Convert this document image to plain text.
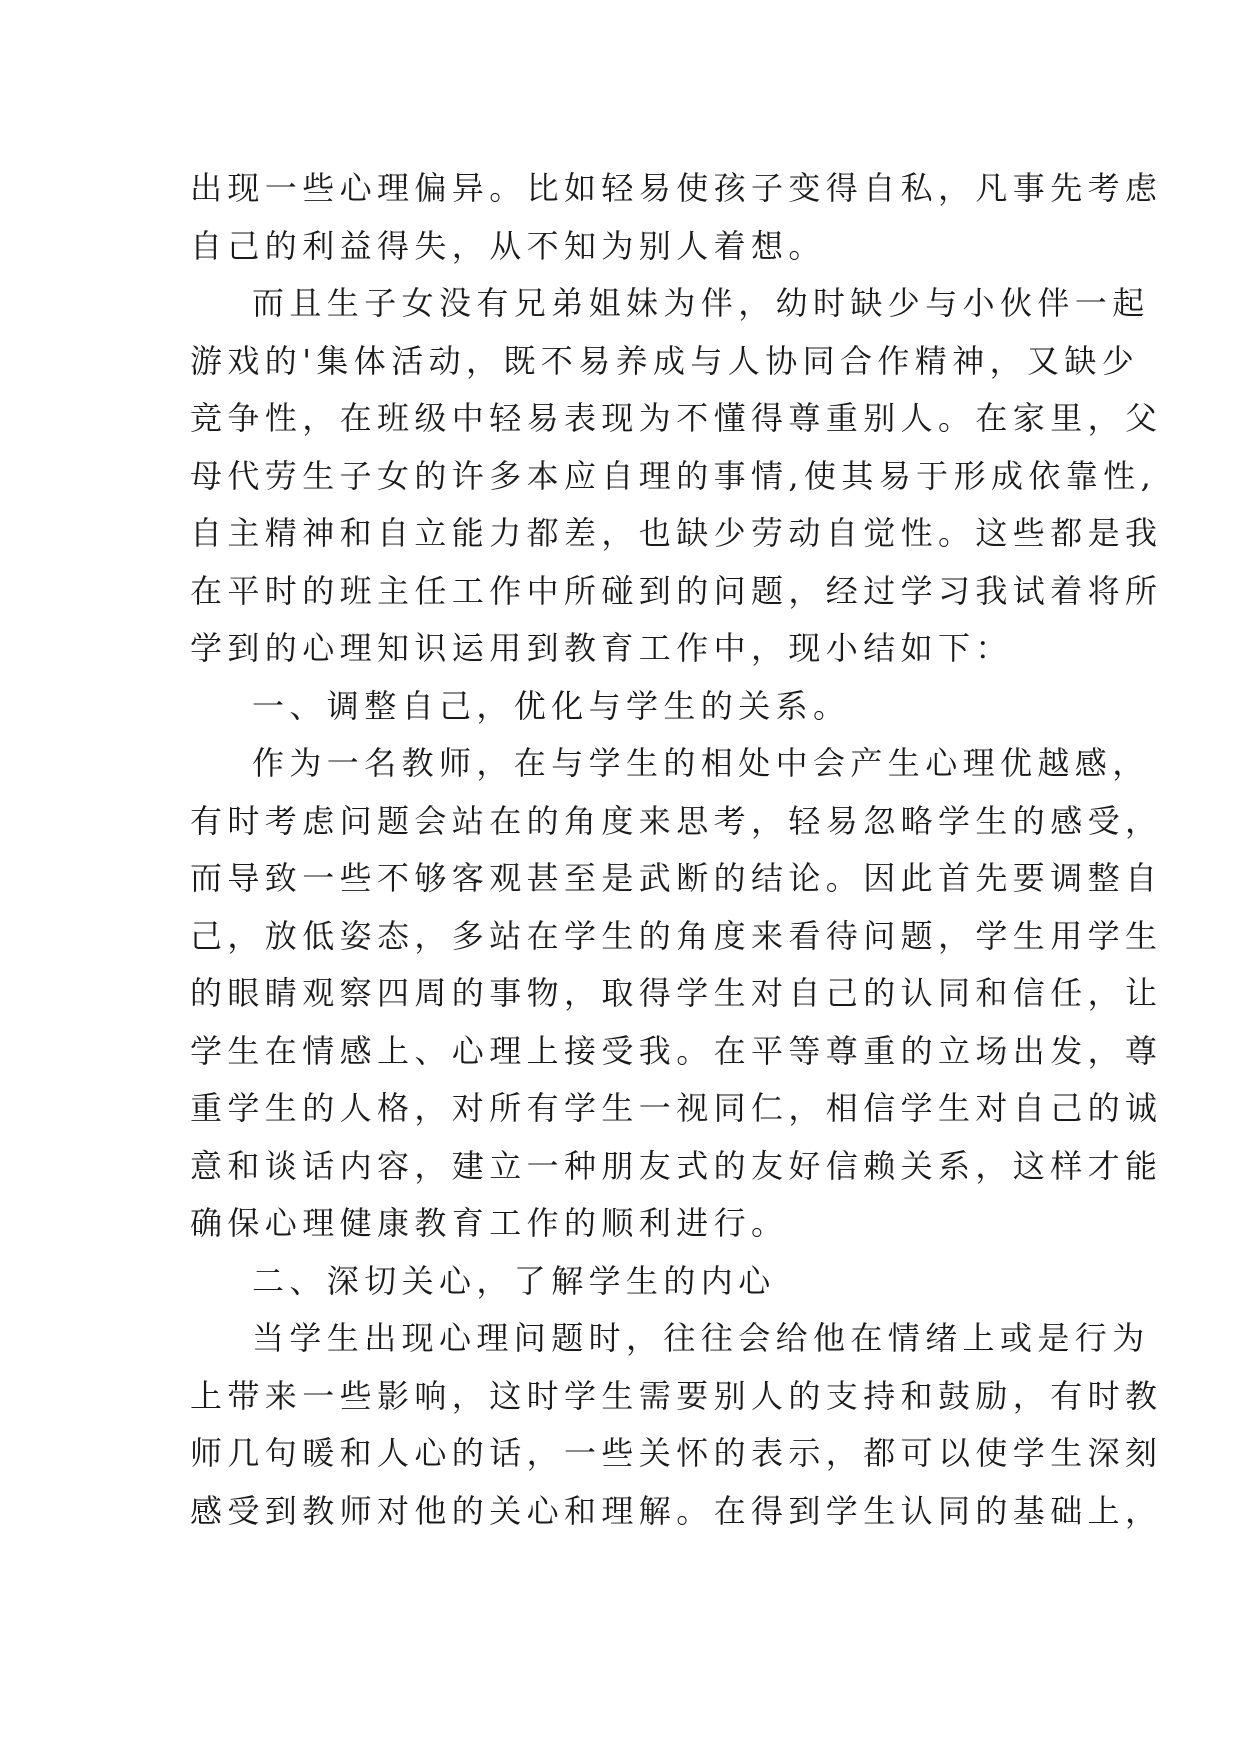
出现一些心理偏异。比如轻易使孩子变得自私，凡事先考虑
自己的利益得失，从不知为别人着想。
而且生子女没有兄弟姐妹为伴，幼时缺少与小伙伴一起
游戏的'集体活动，既不易养成与人协同合作精神，又缺少
竞争性，在班级中轻易表现为不懂得尊重别人。在家里，父
母代劳生子女的许多本应自理的事情,使其易于形成依靠性,
自主精神和自立能力都差，也缺少劳动自觉性。这些都是我
在平时的班主任工作中所碰到的问题，经过学习我试着将所
学到的心理知识运用到教育工作中，现小结如下：
一、调整自己，优化与学生的关系。
作为一名教师，在与学生的相处中会产生心理优越感，
有时考虑问题会站在的角度来思考，轻易忽略学生的感受，
而导致一些不够客观甚至是武断的结论。因此首先要调整自
己，放低姿态，多站在学生的角度来看待问题，学生用学生
的眼睛观察四周的事物，取得学生对自己的认同和信任，让
学生在情感上、心理上接受我。在平等尊重的立场出发，尊
重学生的人格，对所有学生一视同仁，相信学生对自己的诚
意和谈话内容，建立一种朋友式的友好信赖关系，这样才能
确保心理健康教育工作的顺利进行。
二、深切关心，了解学生的内心
当学生出现心理问题时，往往会给他在情绪上或是行为
上带来一些影响，这时学生需要别人的支持和鼓励，有时教
师几句暖和人心的话，一些关怀的表示，都可以使学生深刻
感受到教师对他的关心和理解。在得到学生认同的基础上，
